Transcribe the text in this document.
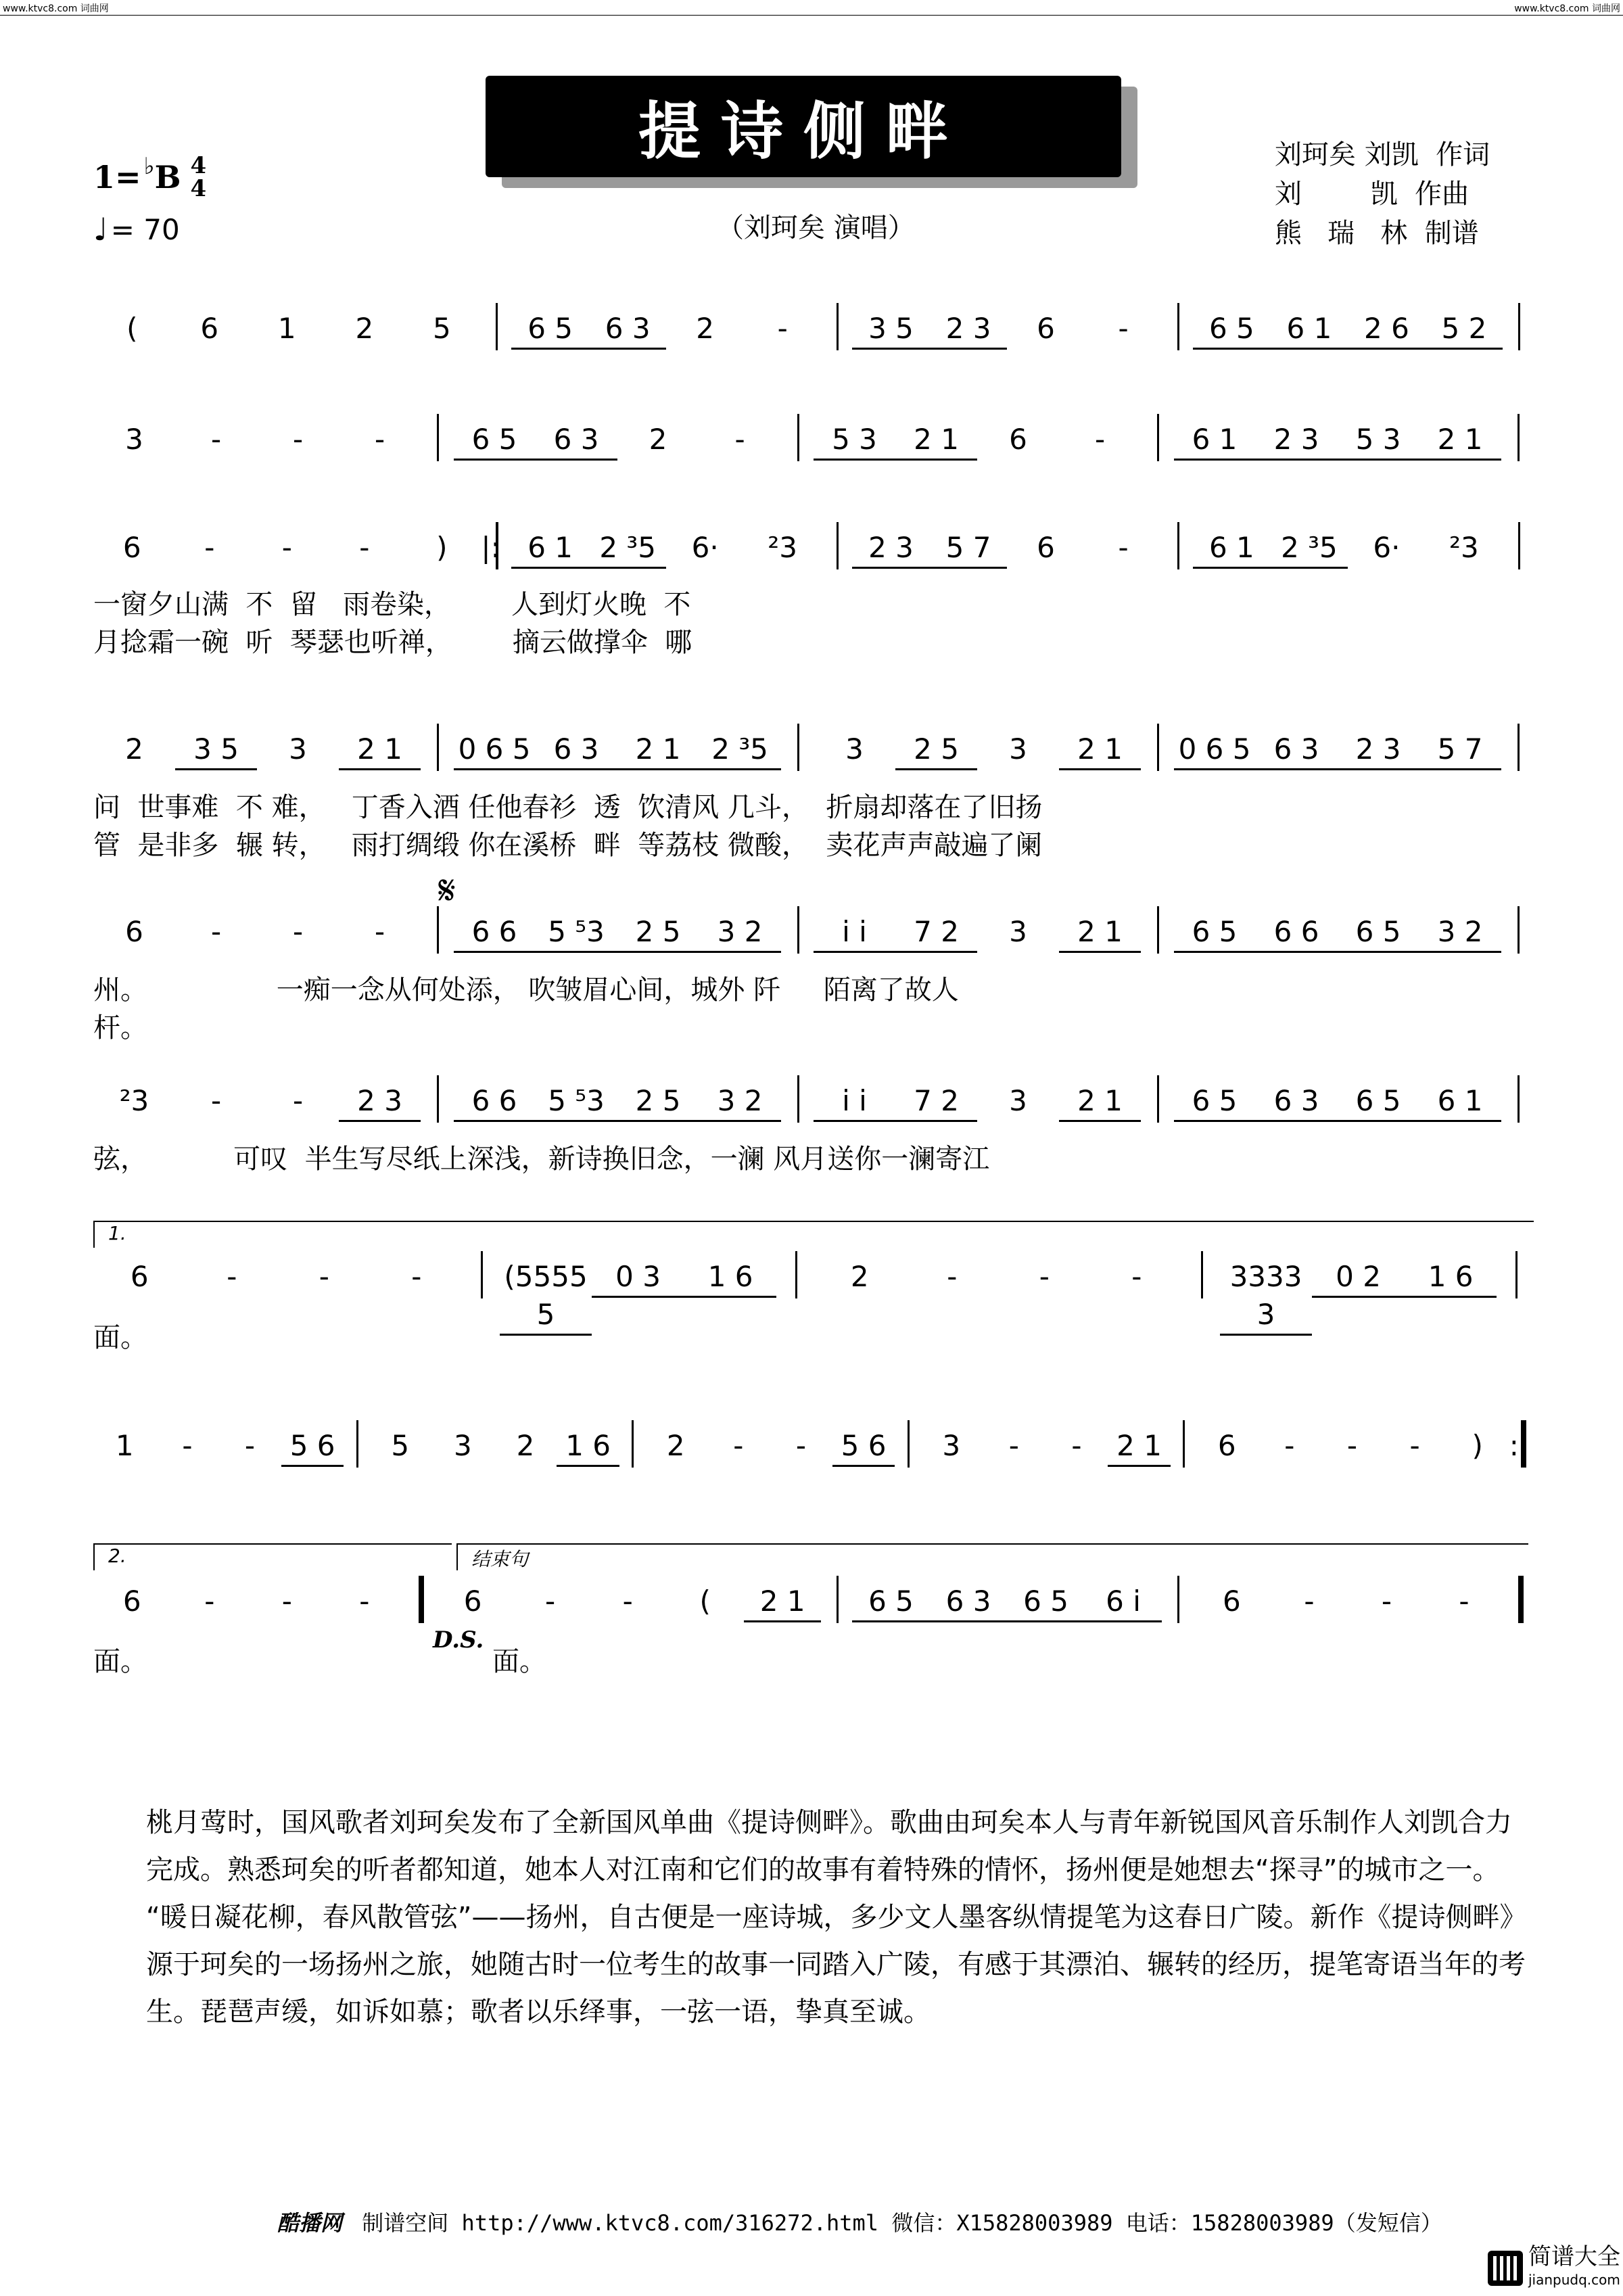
www.ktvc8.com 词曲网	www.ktvc8.com 词曲网
提诗侧畔
1= ♭ B 4
4
♩ = 70	（刘珂矣 演唱）
刘珂矣 刘凯  作词
刘        凯  作曲
熊   瑞   林  制谱
(	6	1	2	5	6 5	6 3	2	-	3 5	2 3	6	-	6 5	6 1	2 6	5 2
3	-	-	-	6 5	6 3	2	-	5 3	2 1	6	-	6 1	2 3	5 3	2 1
6	-	-	-	)	|: 6 1 2 ³5	6·	²3	2 3	5 7	6	-	6 1 2 ³5	6·	²3
2	3 5	3	2 1	0 6 5 6 3	2 1	2 ³5	3	2 5	3	2 1	0 6 5 6 3	2 3	5 7
6	-	-	-	6 6	5 ⁵3	2 5	3 2	i i	7 2	3	2 1	6 5	6 6	6 5	3 2
²3	-	-	2 3	6 6	5 ⁵3	2 5	3 2	i i	7 2	3	2 1	6 5	6 3	6 5	6 1
6	-	-	-	(5555 5
0 3	1 6	2	-	-	-	3333 3
0 2	1 6
1	-	-	5 6	5	3	2	1 6	2	-	-	5 6	3	-	-	2 1	6	-	-	-	) :|
6	-	-	-	6	-	-	(	2 1	6 5	6 3	6 5	6 i	6	-	-	-
一窗夕山满  不  留   雨卷染，       人到灯火晚  不
月捻霜一碗  听  琴瑟也听禅，       摘云做撑伞  哪
问  世事难  不 难，   丁香入酒 任他春衫  透  饮清风 几斗，  折扇却落在了旧扬
管  是非多  辗 转，   雨打绸缎 你在溪桥  畔  等荔枝 微酸，  卖花声声敲遍了阑
州。               一痴一念从何处添， 吹皱眉心间，城外 阡     陌离了故人
杆。
弦，          可叹  半生写尽纸上深浅，新诗换旧念，一澜 风月送你一澜寄江
面。
面。	面。
𝄋
1.
2.	结束句
D.S.
桃月莺时，国风歌者刘珂矣发布了全新国风单曲《提诗侧畔》。歌曲由珂矣本人与青年新锐国风音乐制作人刘凯合力
完成。熟悉珂矣的听者都知道，她本人对江南和它们的故事有着特殊的情怀，扬州便是她想去“探寻”的城市之一。
“暖日凝花柳，春风散管弦”——扬州，自古便是一座诗城，多少文人墨客纵情提笔为这春日广陵。新作《提诗侧畔》
源于珂矣的一场扬州之旅，她随古时一位考生的故事一同踏入广陵，有感于其漂泊、辗转的经历，提笔寄语当年的考
生。琵琶声缓，如诉如慕；歌者以乐绎事，一弦一语，挚真至诚。
酷播网 制谱空间 http://www.ktvc8.com/316272.html 微信：X15828003989 电话：15828003989（发短信）
简谱大全
jianpudq.com
